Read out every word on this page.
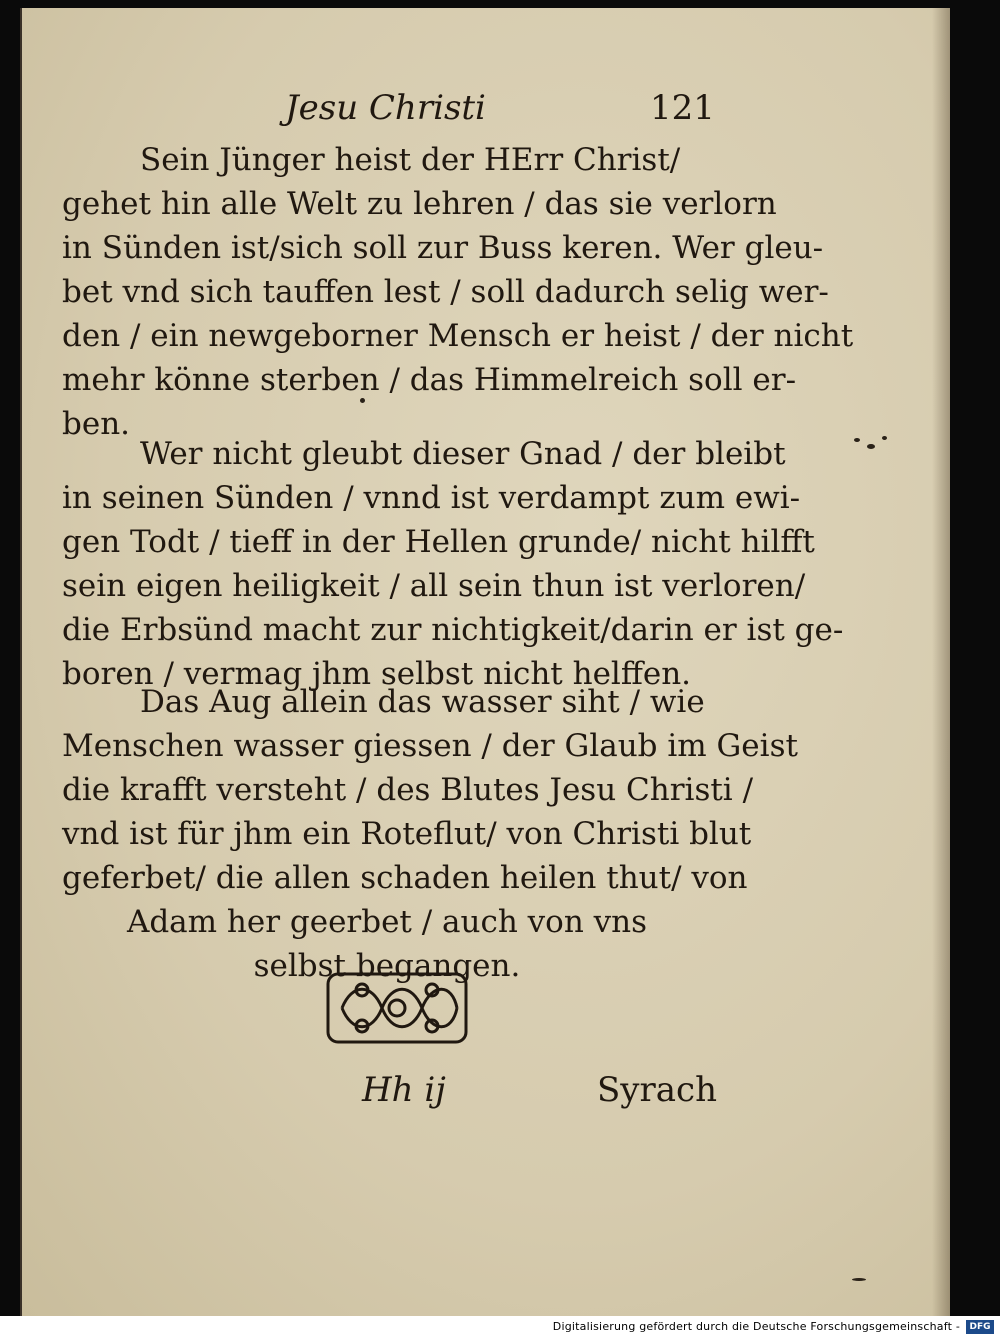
Jesu Christi	121
Sein Jünger heist der HErr Christ/
gehet hin alle Welt zu lehren / das sie verlorn
in Sünden ist/sich soll zur Buss keren. Wer gleu-
bet vnd sich tauffen lest / soll dadurch selig wer-
den / ein newgeborner Mensch er heist / der nicht
mehr könne sterben / das Himmelreich soll er-
ben.
Wer nicht gleubt dieser Gnad / der bleibt
in seinen Sünden / vnnd ist verdampt zum ewi-
gen Todt / tieff in der Hellen grunde/ nicht hilfft
sein eigen heiligkeit / all sein thun ist verloren/
die Erbsünd macht zur nichtigkeit/darin er ist ge-
boren / vermag jhm selbst nicht helffen.
Das Aug allein das wasser siht / wie
Menschen wasser giessen / der Glaub im Geist
die krafft versteht / des Blutes Jesu Christi /
vnd ist für jhm ein Roteflut/ von Christi blut
geferbet/ die allen schaden heilen thut/ von
Adam her geerbet / auch von vns
selbst begangen.
Hh ij	Syrach
Digitalisierung gefördert durch die Deutsche Forschungsgemeinschaft -	DFG
